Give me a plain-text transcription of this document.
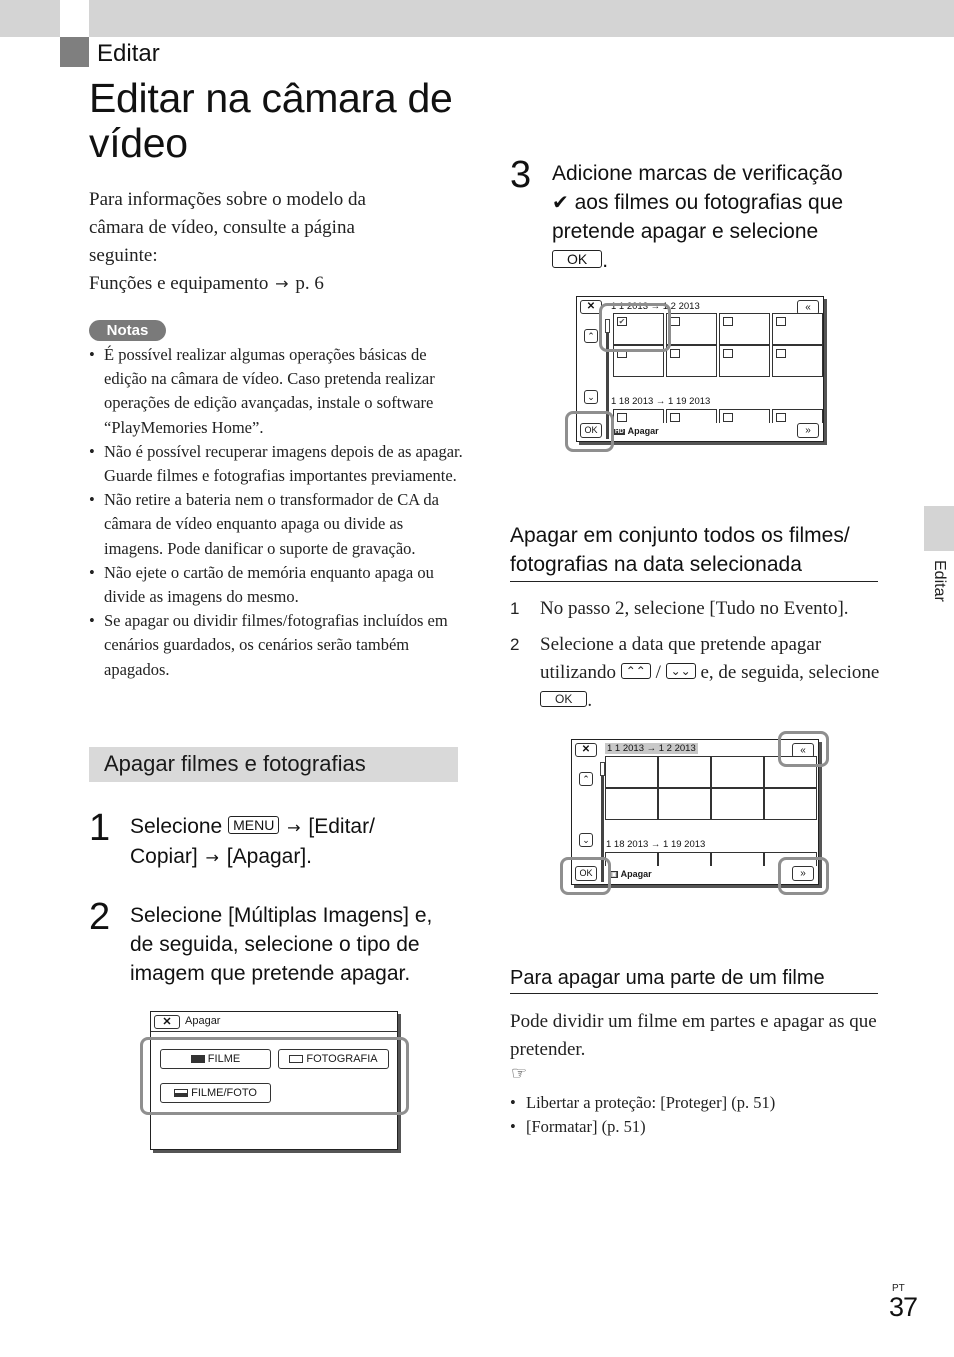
Editar
Editar na câmara de
vídeo
Para informações sobre o modelo da
câmara de vídeo, consulte a página
seguinte:
Funções e equipamento → p. 6
Notas
• É possível realizar algumas operações básicas de edição na câmara de vídeo. Caso pretenda realizar operações de edição avançadas, instale o software “PlayMemories Home”.
• Não é possível recuperar imagens depois de as apagar. Guarde filmes e fotografias importantes previamente.
• Não retire a bateria nem o transformador de CA da câmara de vídeo enquanto apaga ou divide as imagens. Pode danificar o suporte de gravação.
• Não ejete o cartão de memória enquanto apaga ou divide as imagens do mesmo.
• Se apagar ou dividir filmes/fotografias incluídos em cenários guardados, os cenários serão também apagados.
Apagar filmes e fotografias
1 Selecione MENU → [Editar/
Copiar] → [Apagar].
2 Selecione [Múltiplas Imagens] e,
de seguida, selecione o tipo de
imagem que pretende apagar.
✕	Apagar
FILME	FOTOGRAFIA
FILME/FOTO
3 Adicione marcas de verificação
✔ aos filmes ou fotografias que
pretende apagar e selecione
OK .
✕
⌃
⌄
OK
«
»
1 1 2013 → 1 2 2013
✔
1 18 2013 → 1 19 2013
HD Apagar
Apagar em conjunto todos os filmes/
fotografias na data selecionada
1 No passo 2, selecione [Tudo no Evento].
2 Selecione a data que pretende apagar utilizando ⌃⌃ / ⌄⌄ e, de seguida, selecione OK .
✕
⌃
⌄
OK
«
»
1 1 2013 → 1 2 2013
1 18 2013 → 1 19 2013
▣ Apagar
Para apagar uma parte de um filme
Pode dividir um filme em partes e apagar as que pretender.
☞
• Libertar a proteção: [Proteger] (p. 51)
• [Formatar] (p. 51)
Editar
PT
37
